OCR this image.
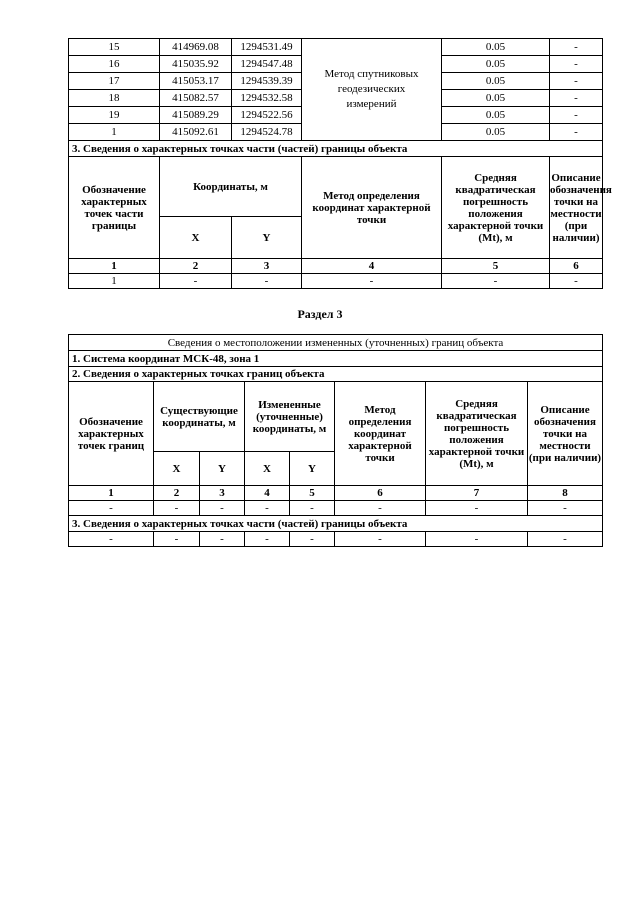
15	414969.08	1294531.49	Метод спутниковых геодезических измерений	0.05	-
16	415035.92	1294547.48		0.05	-
17	415053.17	1294539.39		0.05	-
18	415082.57	1294532.58		0.05	-
19	415089.29	1294522.56		0.05	-
1	415092.61	1294524.78		0.05	-
3. Сведения о характерных точках части (частей) границы объекта					
Обозначение характерных точек части границы	Координаты, м		Метод определения координат характерной точки	Средняя квадратическая погрешность положения характерной точки (Mt), м	Описание обозначения точки на местности (при наличии)
	X	Y			
1	2	3	4	5	6
1	-	-	-	-	-
Раздел 3
Сведения о местоположении измененных (уточненных) границ объекта							
1. Система координат МСК-48, зона 1							
2. Сведения о характерных точках границ объекта							
Обозначение характерных точек границ	Существующие координаты, м		Измененные (уточненные) координаты, м		Метод определения координат характерной точки	Средняя квадратическая погрешность положения характерной точки (Mt), м	Описание обозначения точки на местности (при наличии)
	X	Y	X	Y			
1	2	3	4	5	6	7	8
-	-	-	-	-	-	-	-
3. Сведения о характерных точках части (частей) границы объекта							
-	-	-	-	-	-	-	-
